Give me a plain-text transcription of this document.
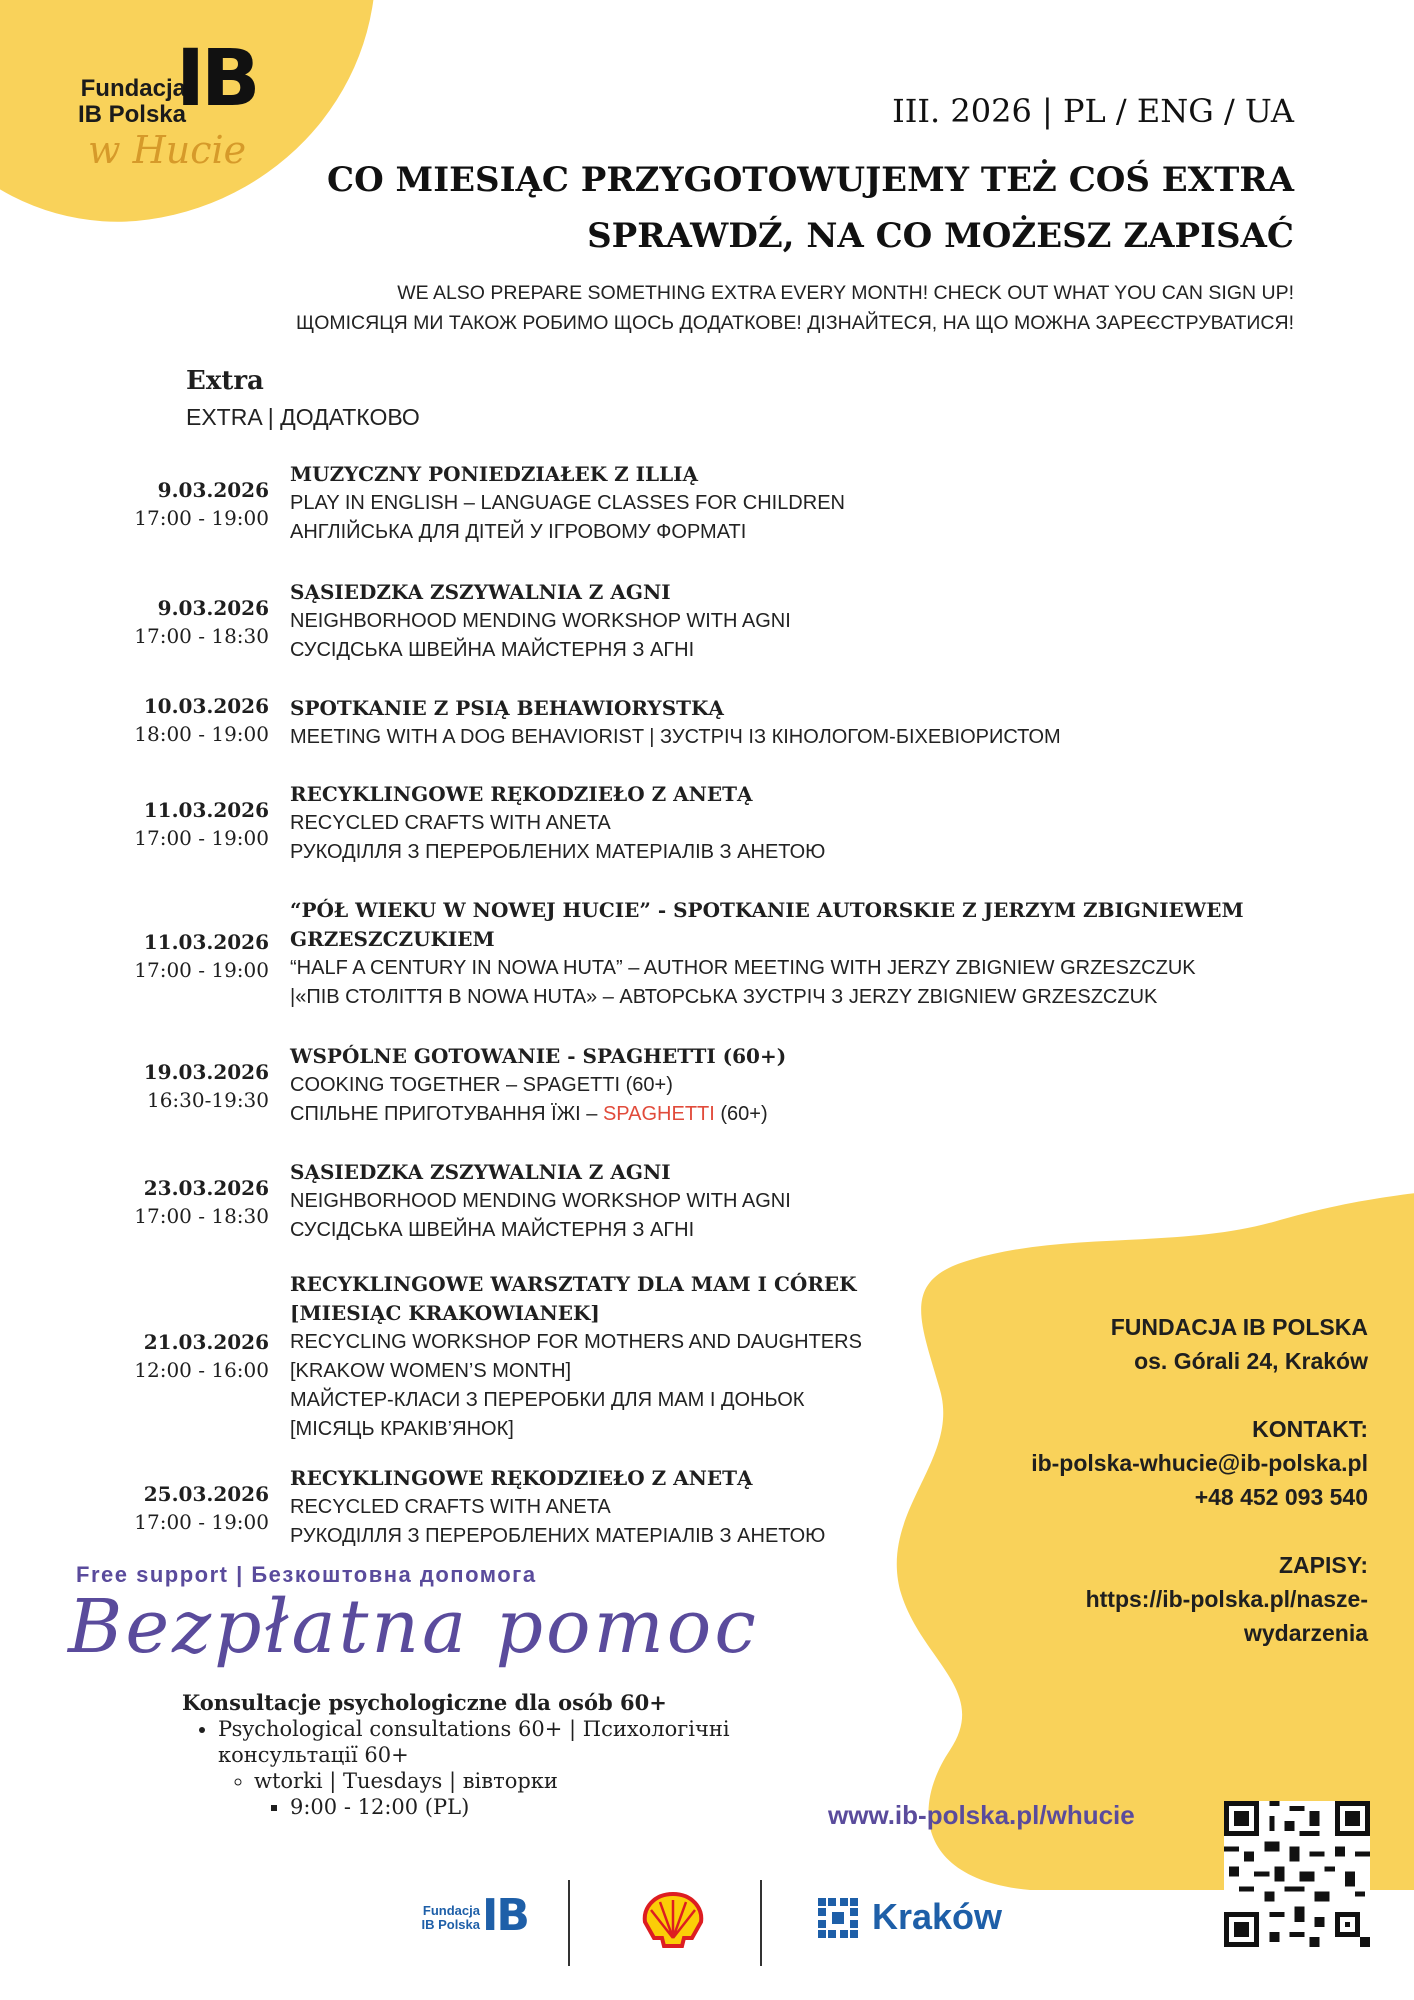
Fundacja
IB Polska
IB
w Hucie
III. 2026 | PL / ENG / UA
CO MIESIĄC PRZYGOTOWUJEMY TEŻ COŚ EXTRA
SPRAWDŹ, NA CO MOŻESZ ZAPISAĆ
WE ALSO PREPARE SOMETHING EXTRA EVERY MONTH! CHECK OUT WHAT YOU CAN SIGN UP!
ЩОМІСЯЦЯ МИ ТАКОЖ РОБИМО ЩОСЬ ДОДАТКОВЕ! ДІЗНАЙТЕСЯ, НА ЩО МОЖНА ЗАРЕЄСТРУВАТИСЯ!
Extra
EXTRA | ДОДАТКОВО
9.03.2026
17:00 - 19:00
MUZYCZNY PONIEDZIAŁEK Z ILLIĄ
PLAY IN ENGLISH – LANGUAGE CLASSES FOR CHILDREN
АНГЛІЙСЬКА ДЛЯ ДІТЕЙ У ІГРОВОМУ ФОРМАТІ
9.03.2026
17:00 - 18:30
SĄSIEDZKA ZSZYWALNIA Z AGNI
NEIGHBORHOOD MENDING WORKSHOP WITH AGNI
СУСІДСЬКА ШВЕЙНА МАЙСТЕРНЯ З АГНІ
10.03.2026
18:00 - 19:00
SPOTKANIE Z PSIĄ BEHAWIORYSTKĄ
MEETING WITH A DOG BEHAVIORIST | ЗУСТРІЧ ІЗ КІНОЛОГОМ-БІХЕВІОРИСТОМ
11.03.2026
17:00 - 19:00
RECYKLINGOWE RĘKODZIEŁO Z ANETĄ
RECYCLED CRAFTS WITH ANETA
РУКОДІЛЛЯ З ПЕРЕРОБЛЕНИХ МАТЕРІАЛІВ З АНЕТОЮ
11.03.2026
17:00 - 19:00
“PÓŁ WIEKU W NOWEJ HUCIE” - SPOTKANIE AUTORSKIE Z JERZYM ZBIGNIEWEM
GRZESZCZUKIEM
“HALF A CENTURY IN NOWA HUTA” – AUTHOR MEETING WITH JERZY ZBIGNIEW GRZESZCZUK
|«ПІВ СТОЛІТТЯ В NOWA HUTA» – АВТОРСЬКА ЗУСТРІЧ З JERZY ZBIGNIEW GRZESZCZUK
19.03.2026
16:30-19:30
WSPÓLNE GOTOWANIE - SPAGHETTI (60+)
COOKING TOGETHER – SPAGETTI (60+)
СПІЛЬНЕ ПРИГОТУВАННЯ ЇЖІ – SPAGHETTI (60+)
23.03.2026
17:00 - 18:30
SĄSIEDZKA ZSZYWALNIA Z AGNI
NEIGHBORHOOD MENDING WORKSHOP WITH AGNI
СУСІДСЬКА ШВЕЙНА МАЙСТЕРНЯ З АГНІ
21.03.2026
12:00 - 16:00
RECYKLINGOWE WARSZTATY DLA MAM I CÓREK
[MIESIĄC KRAKOWIANEK]
RECYCLING WORKSHOP FOR MOTHERS AND DAUGHTERS
[KRAKOW WOMEN’S MONTH]
МАЙСТЕР-КЛАСИ З ПЕРЕРОБКИ ДЛЯ МАМ І ДОНЬОК
[МІСЯЦЬ КРАКІВ’ЯНОК]
25.03.2026
17:00 - 19:00
RECYKLINGOWE RĘKODZIEŁO Z ANETĄ
RECYCLED CRAFTS WITH ANETA
РУКОДІЛЛЯ З ПЕРЕРОБЛЕНИХ МАТЕРІАЛІВ З АНЕТОЮ
Free support | Безкоштовна допомога
Bezpłatna pomoc
Konsultacje psychologiczne dla osób 60+
• Psychological consultations 60+ | Психологічні
консультації 60+
◦ wtorki | Tuesdays | вівторки
▪ 9:00 - 12:00 (PL)
FUNDACJA IB POLSKA
os. Górali 24, Kraków
KONTAKT:
ib-polska-whucie@ib-polska.pl
+48 452 093 540
ZAPISY:
https://ib-polska.pl/nasze-
wydarzenia
www.ib-polska.pl/whucie
Fundacja
IB Polska IB	Kraków
